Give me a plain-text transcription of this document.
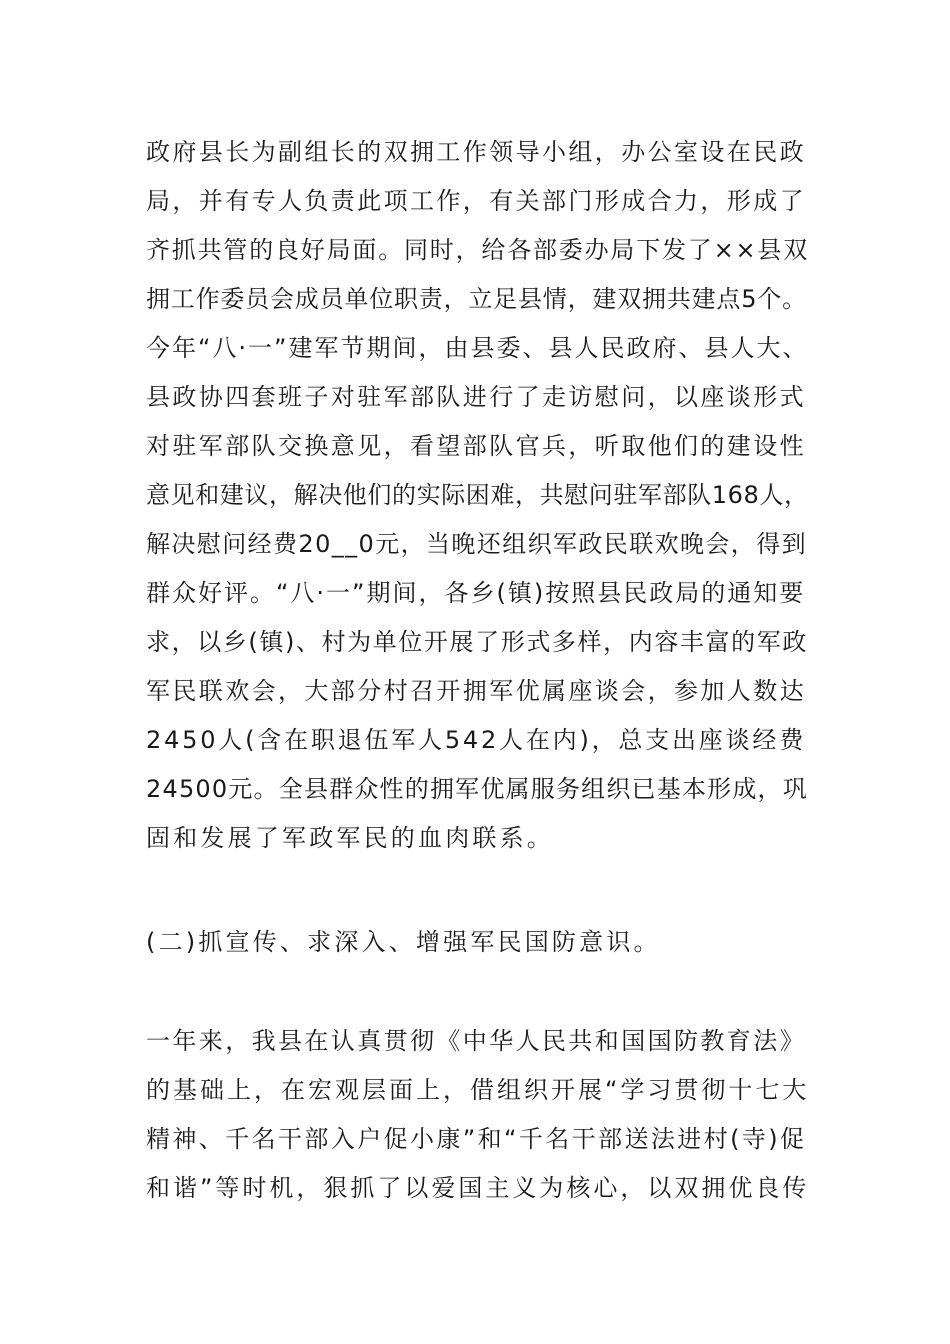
政府县长为副组长的双拥工作领导小组，办公室设在民政
局，并有专人负责此项工作，有关部门形成合力，形成了
齐抓共管的良好局面。同时，给各部委办局下发了××县双
拥工作委员会成员单位职责，立足县情，建双拥共建点5个。
今年“八·一”建军节期间，由县委、县人民政府、县人大、
县政协四套班子对驻军部队进行了走访慰问，以座谈形式
对驻军部队交换意见，看望部队官兵，听取他们的建设性
意见和建议，解决他们的实际困难，共慰问驻军部队168人，
解决慰问经费20__0元，当晚还组织军政民联欢晚会，得到
群众好评。“八·一”期间，各乡(镇)按照县民政局的通知要
求，以乡(镇)、村为单位开展了形式多样，内容丰富的军政
军民联欢会，大部分村召开拥军优属座谈会，参加人数达
2450人(含在职退伍军人542人在内)，总支出座谈经费
24500元。全县群众性的拥军优属服务组织已基本形成，巩
固和发展了军政军民的血肉联系。
(二)抓宣传、求深入、增强军民国防意识。
一年来，我县在认真贯彻《中华人民共和国国防教育法》
的基础上，在宏观层面上，借组织开展“学习贯彻十七大
精神、千名干部入户促小康”和“千名干部送法进村(寺)促
和谐”等时机，狠抓了以爱国主义为核心，以双拥优良传
